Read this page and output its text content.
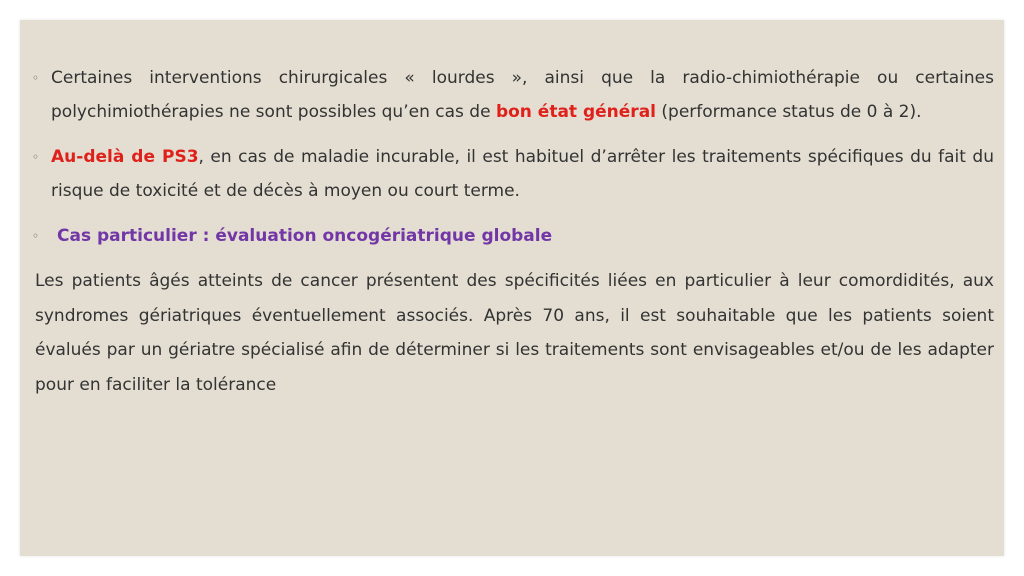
◦ Certaines interventions chirurgicales « lourdes », ainsi que la radio-chimiothérapie ou certaines polychimiothérapies ne sont possibles qu’en cas de bon état général (performance status de 0 à 2).
◦ Au-delà de PS3, en cas de maladie incurable, il est habituel d’arrêter les traitements spécifiques du fait du risque de toxicité et de décès à moyen ou court terme.
◦ Cas particulier : évaluation oncogériatrique globale
Les patients âgés atteints de cancer présentent des spécificités liées en particulier à leur comordidités, aux syndromes gériatriques éventuellement associés. Après 70 ans, il est souhaitable que les patients soient évalués par un gériatre spécialisé afin de déterminer si les traitements sont envisageables et/ou de les adapter pour en faciliter la tolérance
